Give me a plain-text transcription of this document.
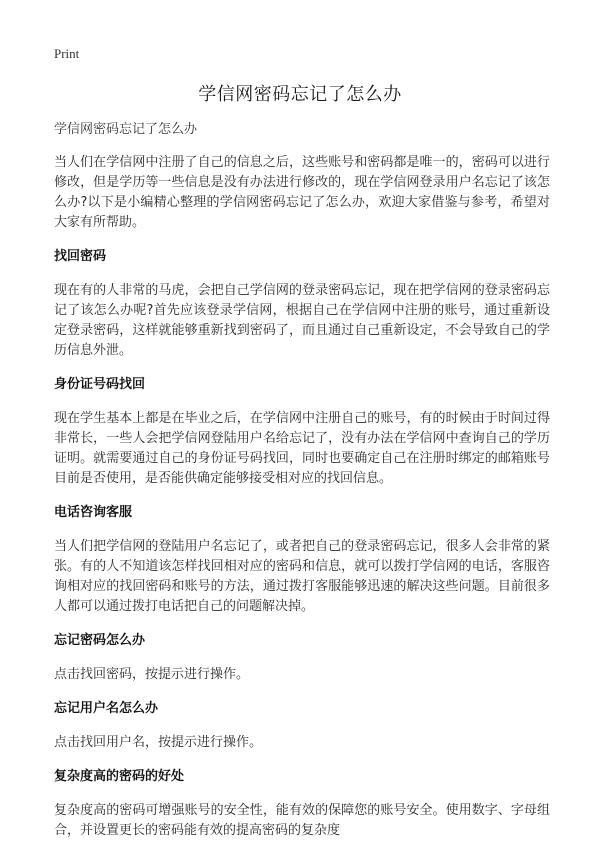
Print
学信网密码忘记了怎么办

学信网密码忘记了怎么办

当人们在学信网中注册了自己的信息之后，这些账号和密码都是唯一的，密码可以进行修改，但是学历等一些信息是没有办法进行修改的，现在学信网登录用户名忘记了该怎么办?以下是小编精心整理的学信网密码忘记了怎么办，欢迎大家借鉴与参考，希望对大家有所帮助。

找回密码

现在有的人非常的马虎，会把自己学信网的登录密码忘记，现在把学信网的登录密码忘记了该怎么办呢?首先应该登录学信网，根据自己在学信网中注册的账号，通过重新设定登录密码，这样就能够重新找到密码了，而且通过自己重新设定，不会导致自己的学历信息外泄。

身份证号码找回

现在学生基本上都是在毕业之后，在学信网中注册自己的账号，有的时候由于时间过得非常长，一些人会把学信网登陆用户名给忘记了，没有办法在学信网中查询自己的学历证明。就需要通过自己的身份证号码找回，同时也要确定自己在注册时绑定的邮箱账号目前是否使用，是否能供确定能够接受相对应的找回信息。

电话咨询客服

当人们把学信网的登陆用户名忘记了，或者把自己的登录密码忘记，很多人会非常的紧张。有的人不知道该怎样找回相对应的密码和信息，就可以拨打学信网的电话，客服咨询相对应的找回密码和账号的方法，通过拨打客服能够迅速的解决这些问题。目前很多人都可以通过拨打电话把自己的问题解决掉。

忘记密码怎么办

点击找回密码，按提示进行操作。

忘记用户名怎么办

点击找回用户名，按提示进行操作。

复杂度高的密码的好处

复杂度高的密码可增强账号的安全性，能有效的保障您的账号安全。使用数字、字母组合，并设置更长的密码能有效的提高密码的复杂度
